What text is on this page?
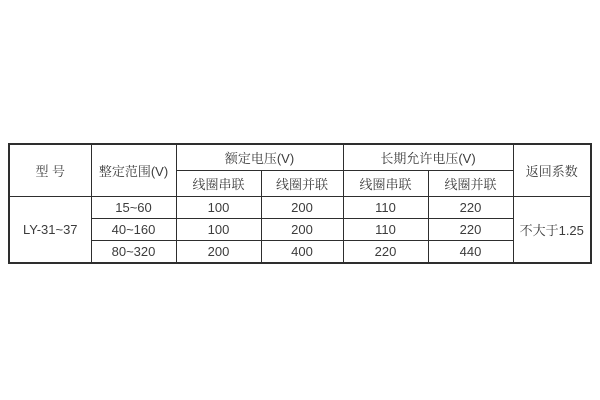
型 号	整定范围(V)	额定电压(V)		长期允许电压(V)		返回系数
		线圈串联	线圈并联	线圈串联	线圈并联	
LY-31~37	15~60	100	200	110	220	不大于1.25
	40~160	100	200	110	220	
	80~320	200	400	220	440	
